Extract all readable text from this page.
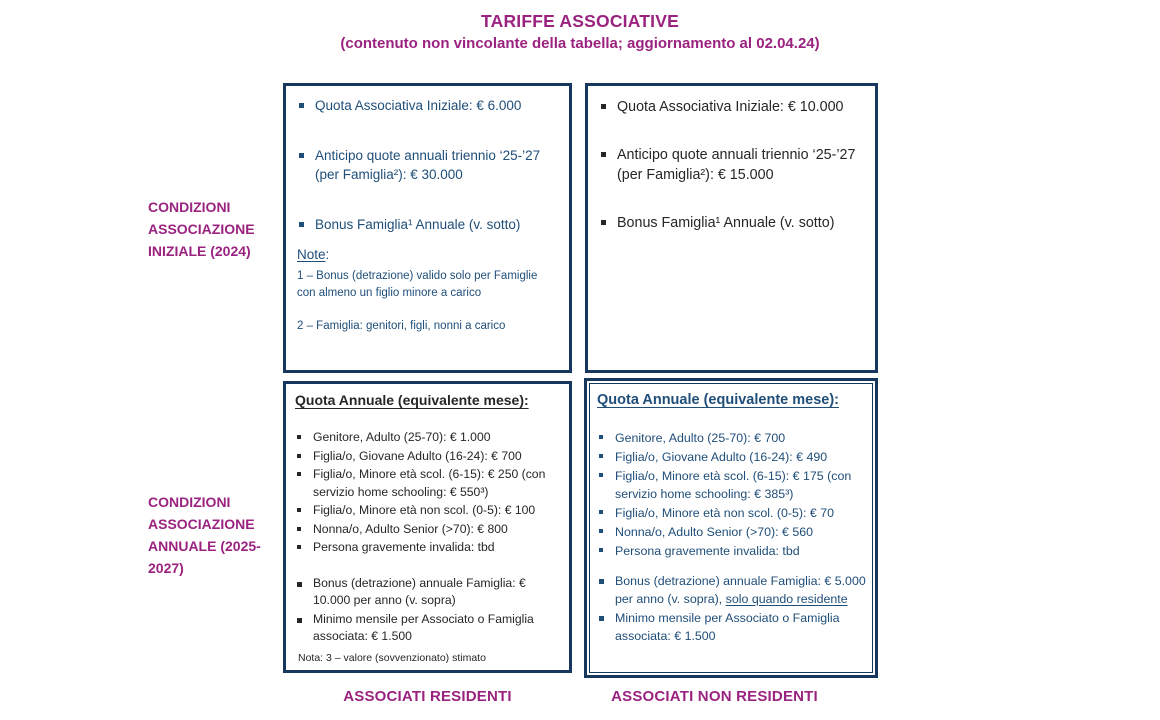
TARIFFE ASSOCIATIVE
(contenuto non vincolante della tabella; aggiornamento al 02.04.24)
CONDIZIONI ASSOCIAZIONE INIZIALE (2024)
CONDIZIONI ASSOCIAZIONE ANNUALE (2025-2027)
Quota Associativa Iniziale: € 6.000
Anticipo quote annuali triennio ‘25-’27 (per Famiglia²): € 30.000
Bonus Famiglia¹ Annuale (v. sotto)
Note:
1 – Bonus (detrazione) valido solo per Famiglie con almeno un figlio minore a carico
2 – Famiglia: genitori, figli, nonni a carico
Quota Associativa Iniziale: € 10.000
Anticipo quote annuali triennio ‘25-’27 (per Famiglia²): € 15.000
Bonus Famiglia¹ Annuale (v. sotto)
Quota Annuale (equivalente mese):
Genitore, Adulto (25-70): € 1.000
Figlia/o, Giovane Adulto (16-24): € 700
Figlia/o, Minore età scol. (6-15): € 250 (con servizio home schooling: € 550³)
Figlia/o, Minore età non scol. (0-5): € 100
Nonna/o, Adulto Senior (>70): € 800
Persona gravemente invalida: tbd
Bonus (detrazione) annuale Famiglia: € 10.000 per anno (v. sopra)
Minimo mensile per Associato o Famiglia associata: € 1.500
Nota: 3 – valore (sovvenzionato) stimato
Quota Annuale (equivalente mese):
Genitore, Adulto (25-70): € 700
Figlia/o, Giovane Adulto (16-24): € 490
Figlia/o, Minore età scol. (6-15): € 175 (con servizio home schooling: € 385³)
Figlia/o, Minore età non scol. (0-5): € 70
Nonna/o, Adulto Senior (>70): € 560
Persona gravemente invalida: tbd
Bonus (detrazione) annuale Famiglia: € 5.000 per anno (v. sopra), solo quando residente
Minimo mensile per Associato o Famiglia associata: € 1.500
ASSOCIATI RESIDENTI	ASSOCIATI NON RESIDENTI
